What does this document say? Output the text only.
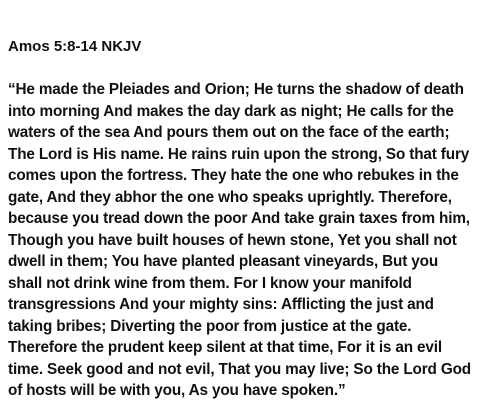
Amos 5:8-14 NKJV
“He made the Pleiades and Orion; He turns the shadow of death
into morning And makes the day dark as night; He calls for the
waters of the sea And pours them out on the face of the earth;
The Lord is His name. He rains ruin upon the strong, So that fury
comes upon the fortress. They hate the one who rebukes in the
gate, And they abhor the one who speaks uprightly. Therefore,
because you tread down the poor And take grain taxes from him,
Though you have built houses of hewn stone, Yet you shall not
dwell in them; You have planted pleasant vineyards, But you
shall not drink wine from them. For I know your manifold
transgressions And your mighty sins: Afflicting the just and
taking bribes; Diverting the poor from justice at the gate.
Therefore the prudent keep silent at that time, For it is an evil
time. Seek good and not evil, That you may live; So the Lord God
of hosts will be with you, As you have spoken.”
